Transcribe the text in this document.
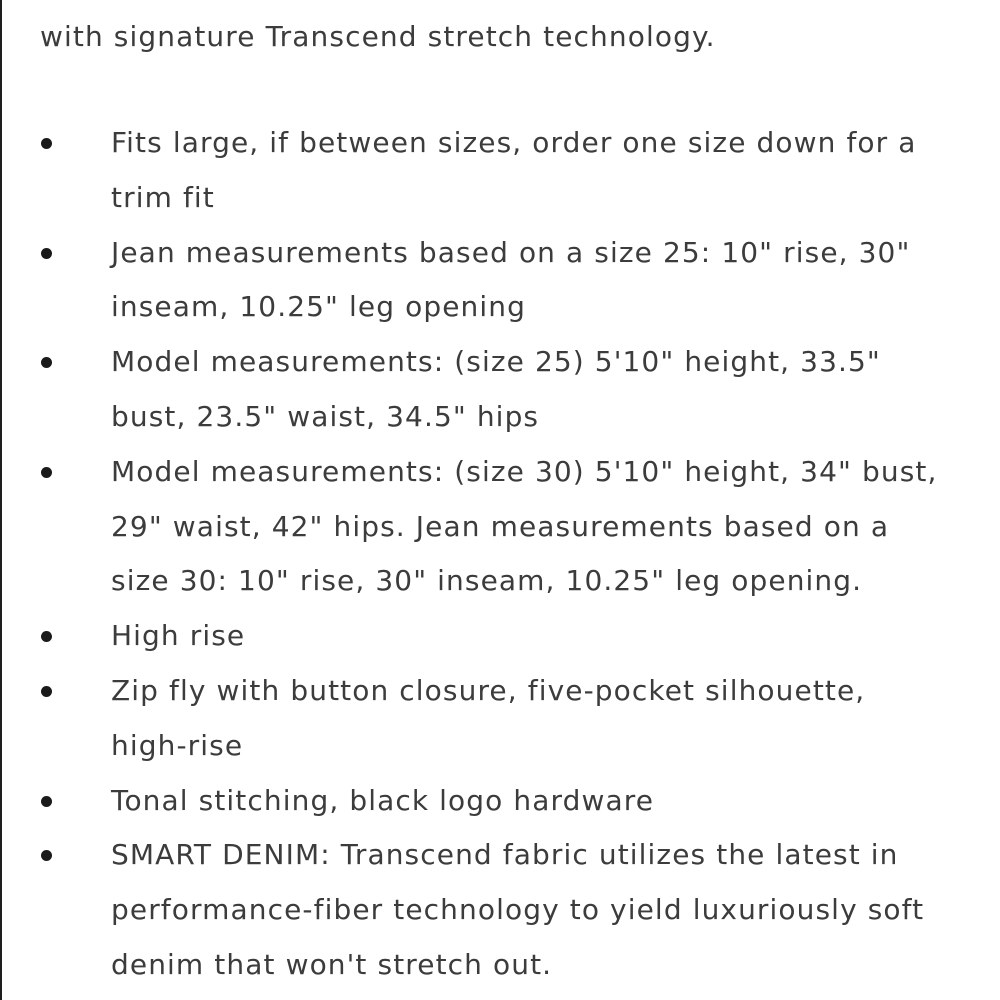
with signature Transcend stretch technology.

Fits large, if between sizes, order one size down for a
trim fit
Jean measurements based on a size 25: 10" rise, 30"
inseam, 10.25" leg opening
Model measurements: (size 25) 5'10" height, 33.5"
bust, 23.5" waist, 34.5" hips
Model measurements: (size 30) 5'10" height, 34" bust,
29" waist, 42" hips. Jean measurements based on a
size 30: 10" rise, 30" inseam, 10.25" leg opening.
High rise
Zip fly with button closure, five-pocket silhouette,
high-rise
Tonal stitching, black logo hardware
SMART DENIM: Transcend fabric utilizes the latest in
performance-fiber technology to yield luxuriously soft
denim that won't stretch out.
